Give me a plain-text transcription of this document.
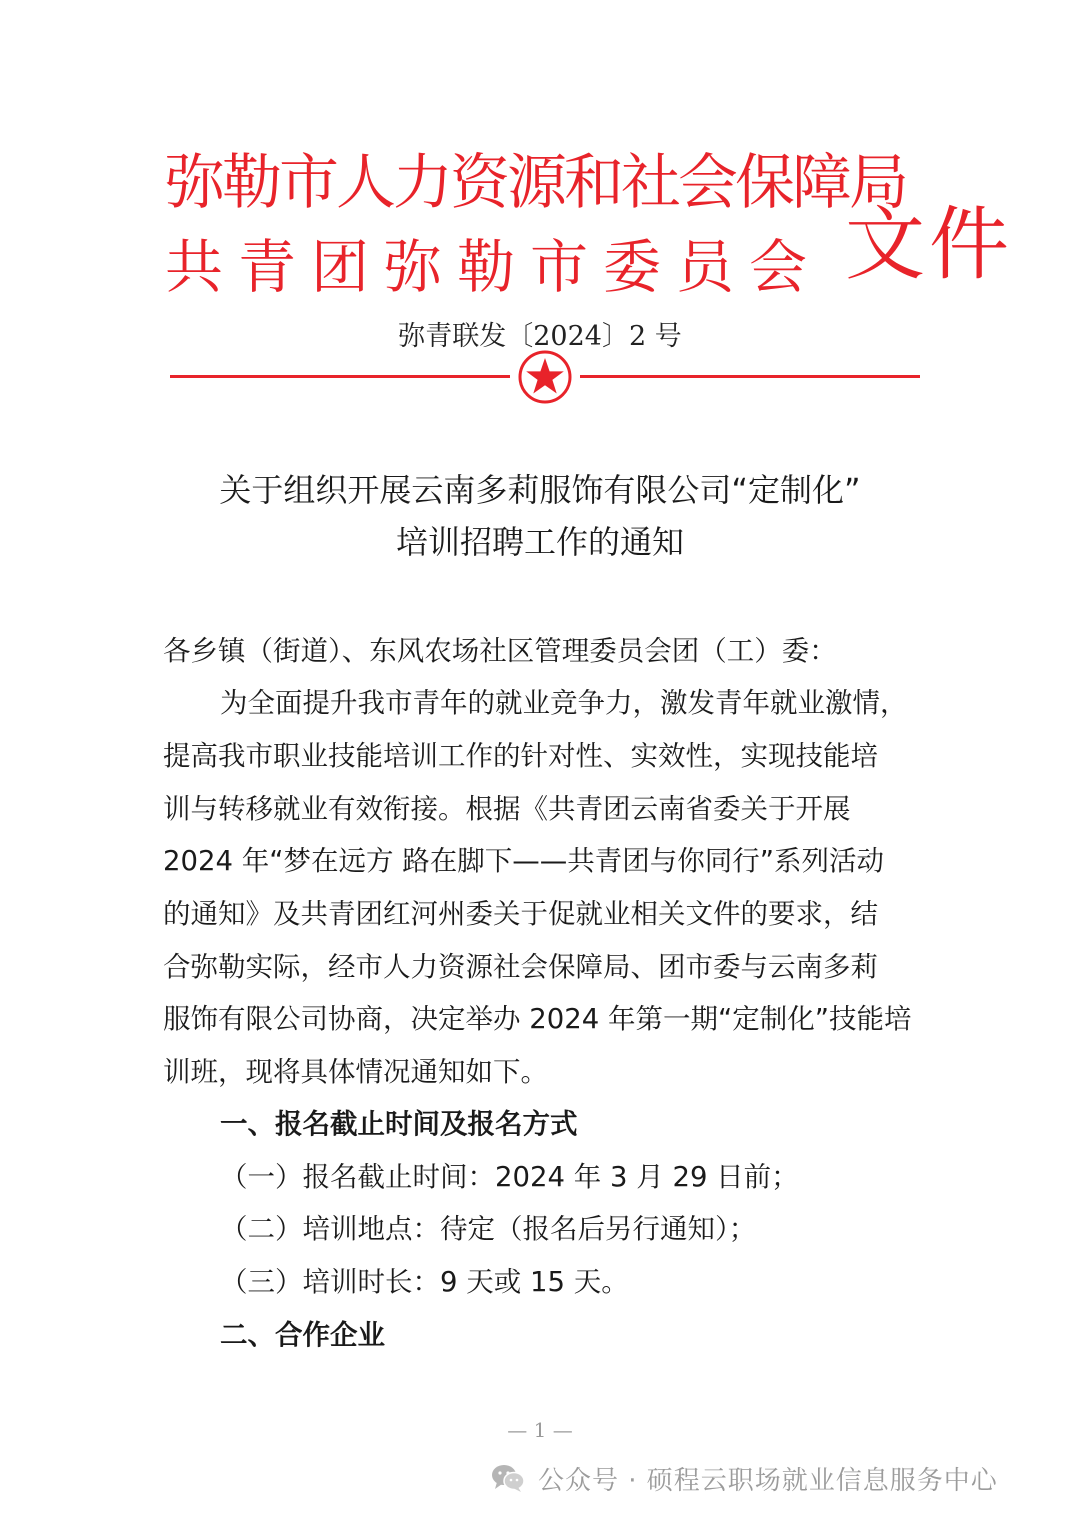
弥勒市人力资源和社会保障局
共青团弥勒市委员会 文件
弥青联发〔2024〕2 号
关于组织开展云南多莉服饰有限公司“定制化”
培训招聘工作的通知
各乡镇（街道）、东风农场社区管理委员会团（工）委：
为全面提升我市青年的就业竞争力，激发青年就业激情，
提高我市职业技能培训工作的针对性、实效性，实现技能培
训与转移就业有效衔接。根据《共青团云南省委关于开展
2024 年“梦在远方 路在脚下——共青团与你同行”系列活动
的通知》及共青团红河州委关于促就业相关文件的要求，结
合弥勒实际，经市人力资源社会保障局、团市委与云南多莉
服饰有限公司协商，决定举办 2024 年第一期“定制化”技能培
训班，现将具体情况通知如下。
一、报名截止时间及报名方式
（一）报名截止时间：2024 年 3 月 29 日前；
（二）培训地点：待定（报名后另行通知）；
（三）培训时长：9 天或 15 天。
二、合作企业
— 1 —
公众号 · 硕程云职场就业信息服务中心
